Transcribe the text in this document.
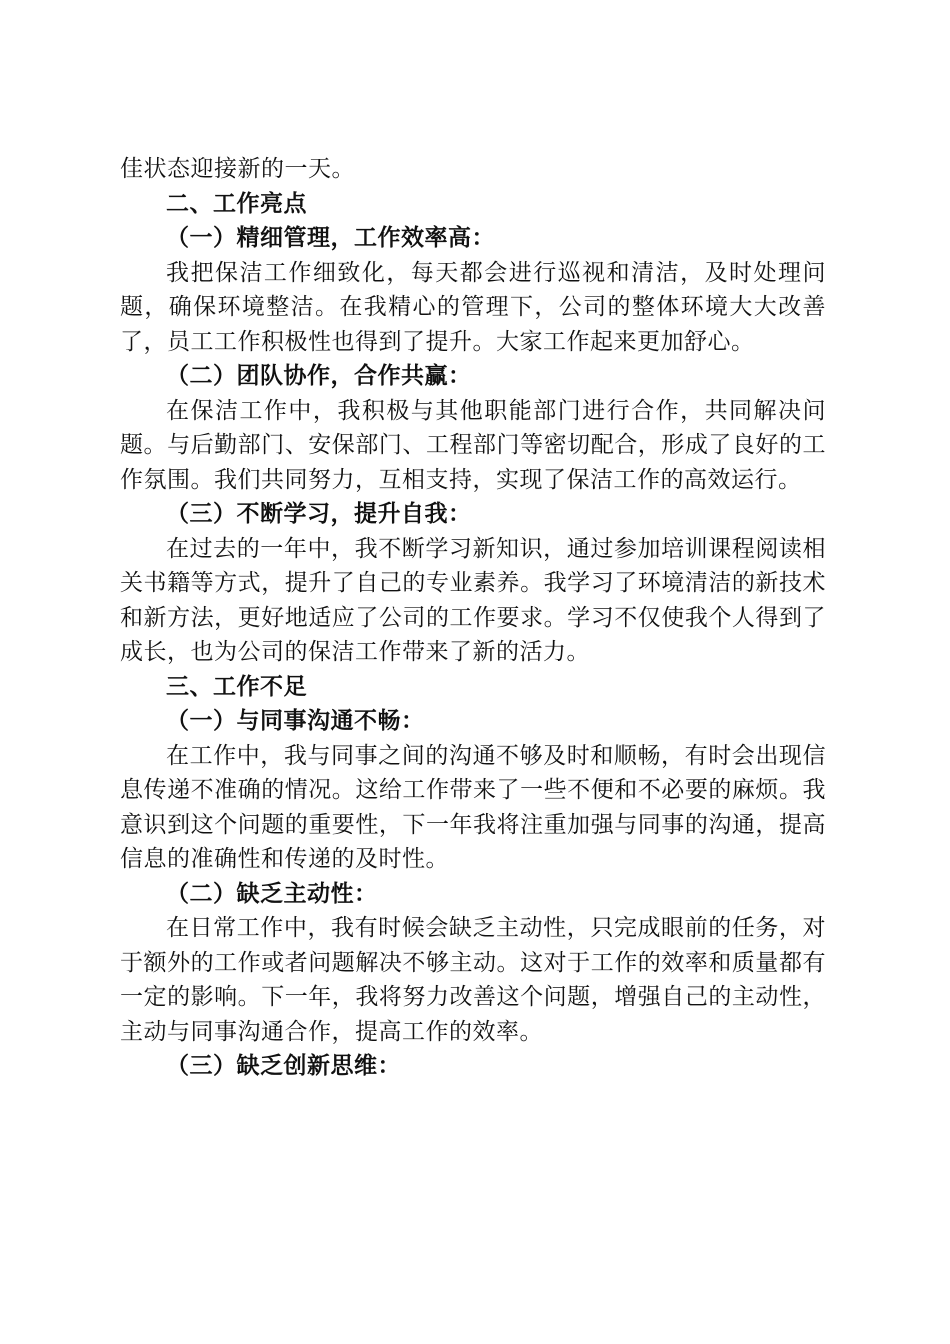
佳状态迎接新的一天。

二、工作亮点

（一）精细管理，工作效率高：

我把保洁工作细致化，每天都会进行巡视和清洁，及时处理问题，确保环境整洁。在我精心的管理下，公司的整体环境大大改善了，员工工作积极性也得到了提升。大家工作起来更加舒心。

（二）团队协作，合作共赢：

在保洁工作中，我积极与其他职能部门进行合作，共同解决问题。与后勤部门、安保部门、工程部门等密切配合，形成了良好的工作氛围。我们共同努力，互相支持，实现了保洁工作的高效运行。

（三）不断学习，提升自我：

在过去的一年中，我不断学习新知识，通过参加培训课程阅读相关书籍等方式，提升了自己的专业素养。我学习了环境清洁的新技术和新方法，更好地适应了公司的工作要求。学习不仅使我个人得到了成长，也为公司的保洁工作带来了新的活力。

三、工作不足

（一）与同事沟通不畅：

在工作中，我与同事之间的沟通不够及时和顺畅，有时会出现信息传递不准确的情况。这给工作带来了一些不便和不必要的麻烦。我意识到这个问题的重要性，下一年我将注重加强与同事的沟通，提高信息的准确性和传递的及时性。

（二）缺乏主动性：

在日常工作中，我有时候会缺乏主动性，只完成眼前的任务，对于额外的工作或者问题解决不够主动。这对于工作的效率和质量都有一定的影响。下一年，我将努力改善这个问题，增强自己的主动性，主动与同事沟通合作，提高工作的效率。

（三）缺乏创新思维：
